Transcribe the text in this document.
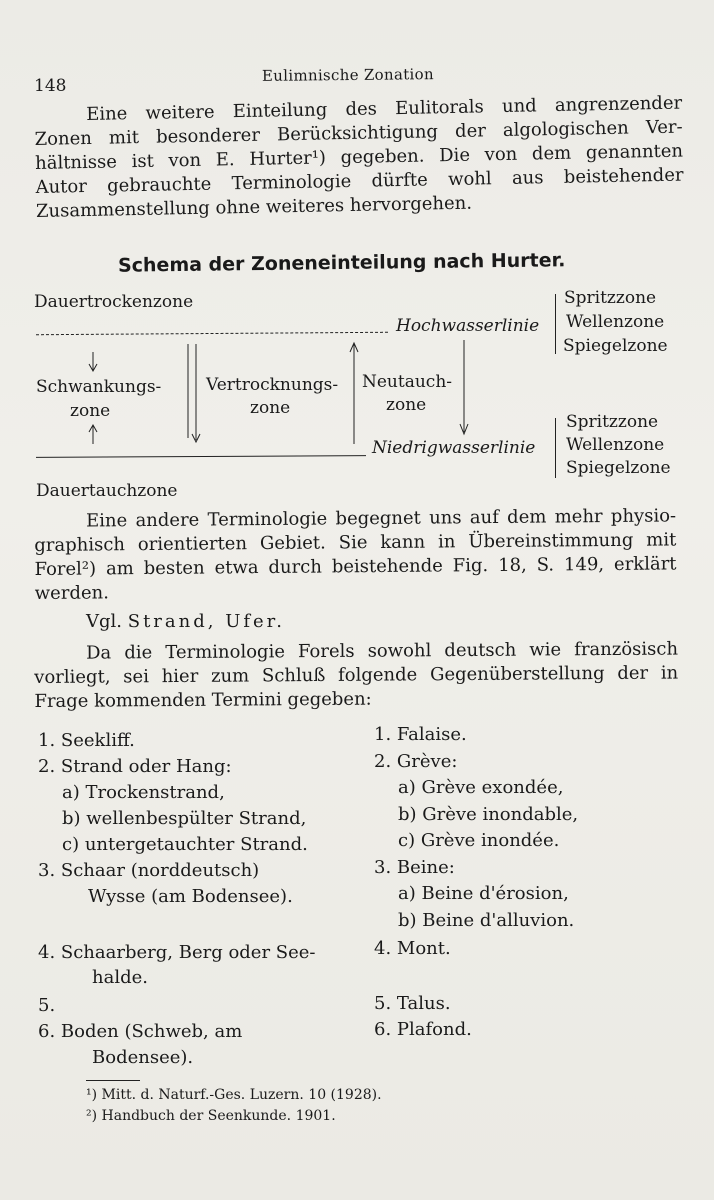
148
Eulimnische Zonation
Eine weitere Einteilung des Eulitorals und angrenzender
Zonen mit besonderer Berücksichtigung der algologischen Ver-
hältnisse ist von E. Hurter¹) gegeben. Die von dem genannten
Autor gebrauchte Terminologie dürfte wohl aus beistehender
Zusammenstellung ohne weiteres hervorgehen.
Schema der Zoneneinteilung nach Hurter.
Dauertrockenzone
Hochwasserlinie
Spritzzone
Wellenzone
Spiegelzone
Schwankungs-
zone
Vertrocknungs-
zone
Neutauch-
zone
Niedrigwasserlinie
Spritzzone
Wellenzone
Spiegelzone
Dauertauchzone
Eine andere Terminologie begegnet uns auf dem mehr physio-
graphisch orientierten Gebiet. Sie kann in Übereinstimmung mit
Forel²) am besten etwa durch beistehende Fig. 18, S. 149, erklärt
werden.
Vgl. Strand, Ufer.
Da die Terminologie Forels sowohl deutsch wie französisch
vorliegt, sei hier zum Schluß folgende Gegenüberstellung der in
Frage kommenden Termini gegeben:
1. Seekliff.
2. Strand oder Hang:
a) Trockenstrand,
b) wellenbespülter Strand,
c) untergetauchter Strand.
3. Schaar (norddeutsch)
Wysse (am Bodensee).
4. Schaarberg, Berg oder See-
halde.
5.
6. Boden (Schweb, am
Bodensee).
1. Falaise.
2. Grève:
a) Grève exondée,
b) Grève inondable,
c) Grève inondée.
3. Beine:
a) Beine d'érosion,
b) Beine d'alluvion.
4. Mont.
5. Talus.
6. Plafond.
¹) Mitt. d. Naturf.-Ges. Luzern. 10 (1928).
²) Handbuch der Seenkunde. 1901.
